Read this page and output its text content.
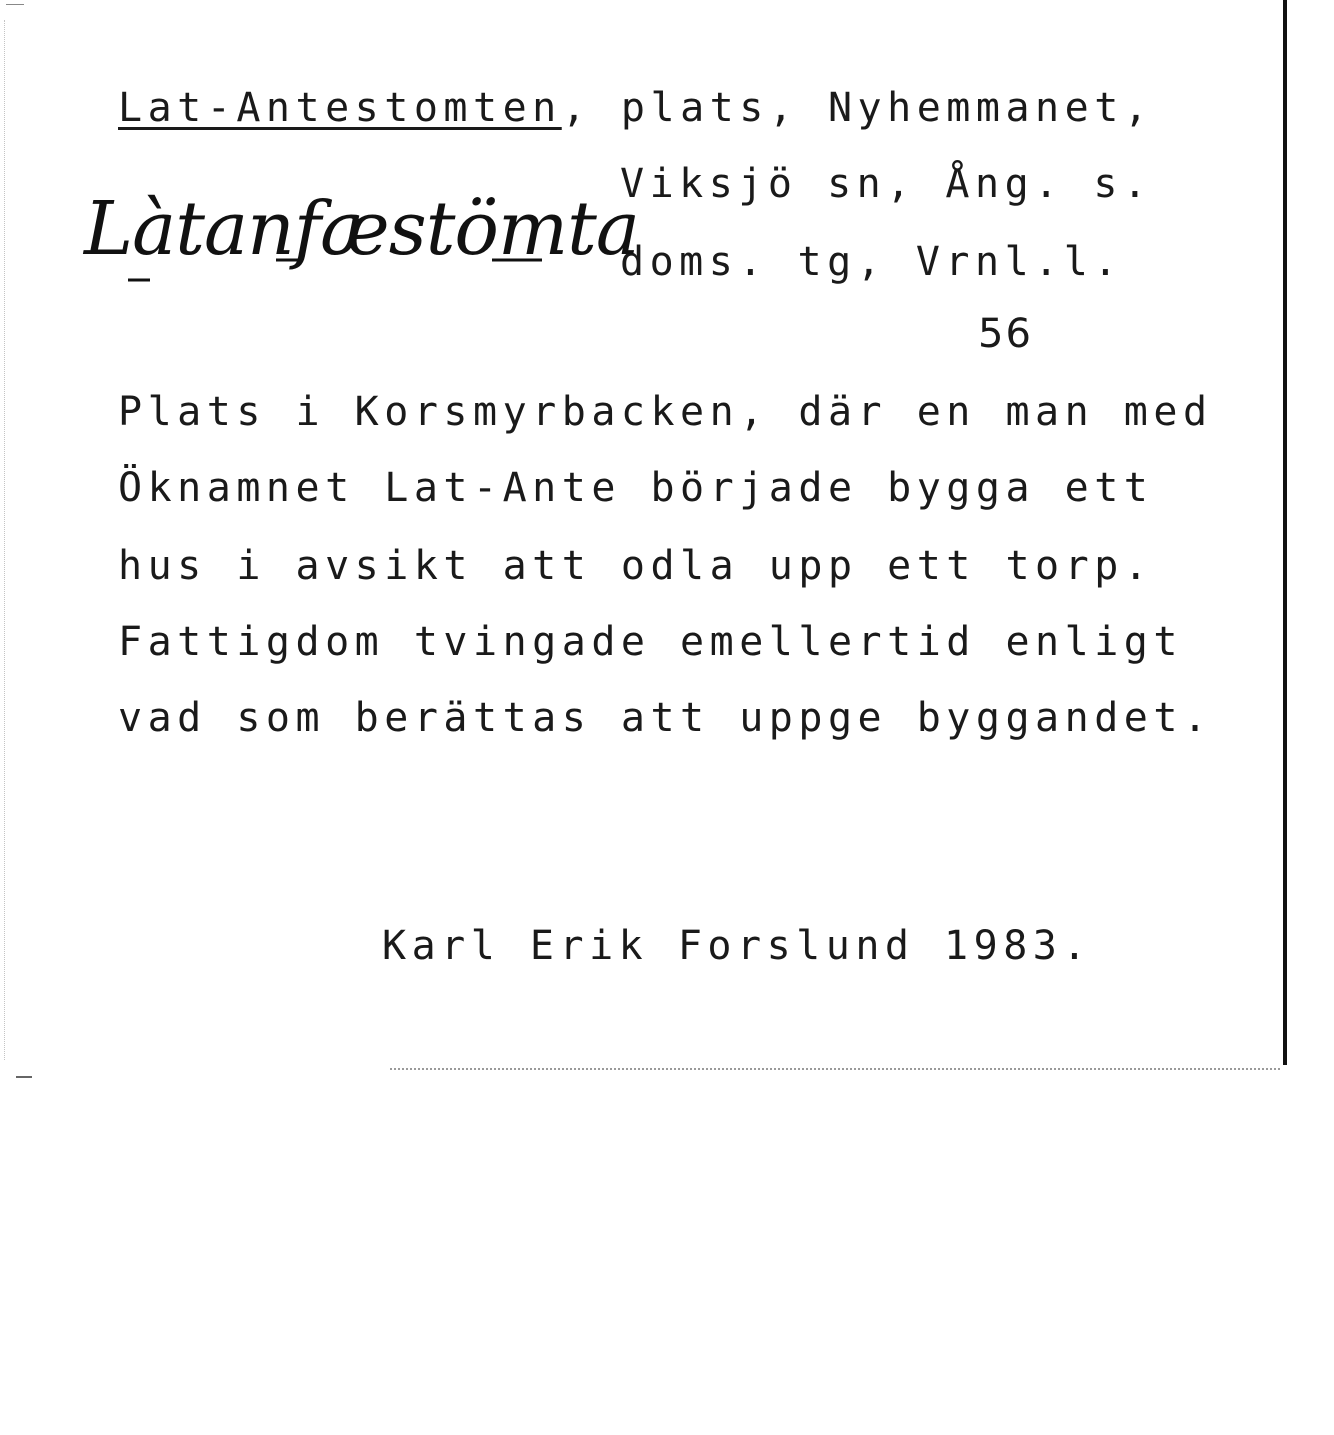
Lat-Antestomten, plats, Nyhemmanet,
Viksjö sn, Ång. s.
doms. tg, Vrnl.l.
Làtanfæstömta
56
Plats i Korsmyrbacken, där en man med
Öknamnet Lat-Ante började bygga ett
hus i avsikt att odla upp ett torp.
Fattigdom tvingade emellertid enligt
vad som berättas att uppge byggandet.
Karl Erik Forslund 1983.
